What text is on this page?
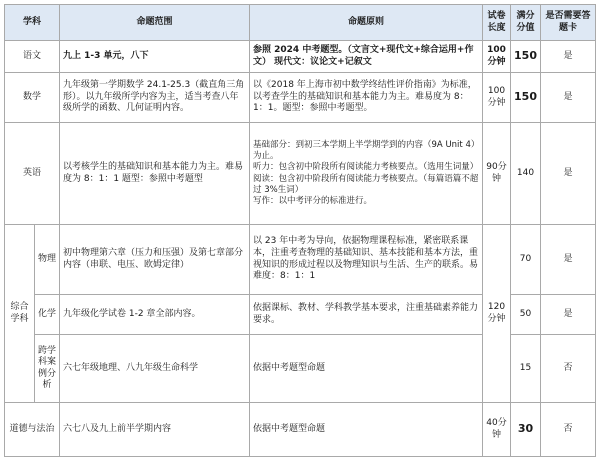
学科		命题范围	命题原则	试卷长度	满分分值	是否需要答题卡
语文		九上 1-3 单元，八下	参照 2024 中考题型。（文言文+现代文+综合运用+作文） 现代文：议论文+记叙文	100分钟	150	是
数学		九年级第一学期数学 24.1-25.3（截直角三角形）。以九年级所学内容为主，适当考查八年级所学的函数、几何证明内容。	以《2018 年上海市初中数学终结性评价指南》为标准，以考查学生的基础知识和基本能力为主。难易度为 8：1：1。题型：参照中考题型。	100分钟	150	是
英语		以考核学生的基础知识和基本能力为主。难易度为 8：1：1 题型：参照中考题型	基础部分：到初三本学期上半学期学到的内容（9A Unit 4）为止。
听力：包含初中阶段所有阅读能力考核要点。（选用生词量）
阅读：包含初中阶段所有阅读能力考核要点。（每篇语篇不超过 3%生词）
写作：以中考评分的标准进行。	90分钟	140	是
综合学科	物理	初中物理第六章（压力和压强）及第七章部分内容（串联、电压、欧姆定律）	以 23 年中考为导向，依据物理课程标准，紧密联系课本，注重考查物理的基础知识、基本技能和基本方法，重视知识的形成过程以及物理知识与生活、生产的联系。易难度：8：1：1	120分钟	70	是
	化学	九年级化学试卷 1-2 章全部内容。	依据课标、教材、学科教学基本要求，注重基础素养能力要求。		50	是
	跨学科案例分析	六七年级地理、八九年级生命科学	依据中考题型命题		15	否
道德与法治		六七八及九上前半学期内容	依据中考题型命题	40分钟	30	否
